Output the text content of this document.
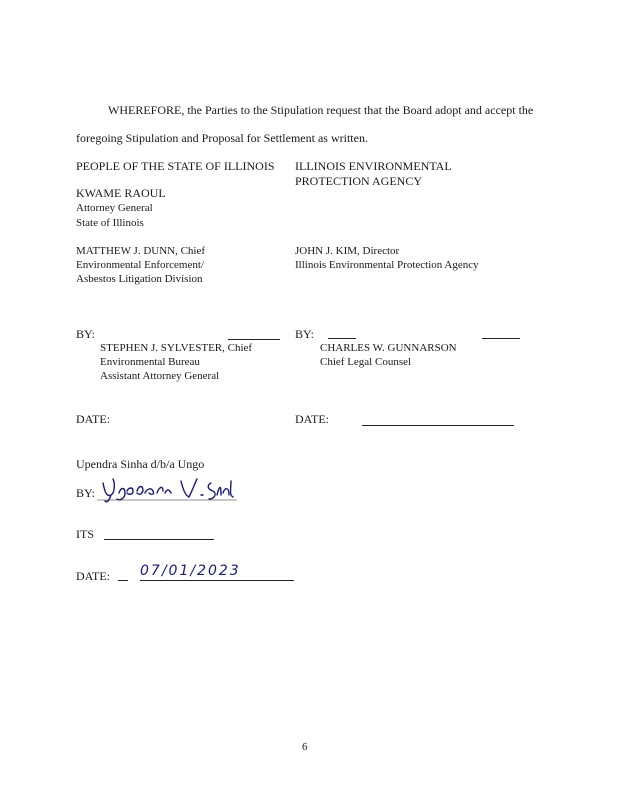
WHEREFORE, the Parties to the Stipulation request that the Board adopt and accept the
foregoing Stipulation and Proposal for Settlement as written.
PEOPLE OF THE STATE OF ILLINOIS
KWAME RAOUL
Attorney General
State of Illinois
MATTHEW J. DUNN, Chief
Environmental Enforcement/
Asbestos Litigation Division
BY:
STEPHEN J. SYLVESTER, Chief
Environmental Bureau
Assistant Attorney General
DATE:
ILLINOIS ENVIRONMENTAL
PROTECTION AGENCY
JOHN J. KIM, Director
Illinois Environmental Protection Agency
BY:
CHARLES W. GUNNARSON
Chief Legal Counsel
DATE:
Upendra Sinha d/b/a Ungo
BY:
ITS
DATE: 07/01/2023
6
